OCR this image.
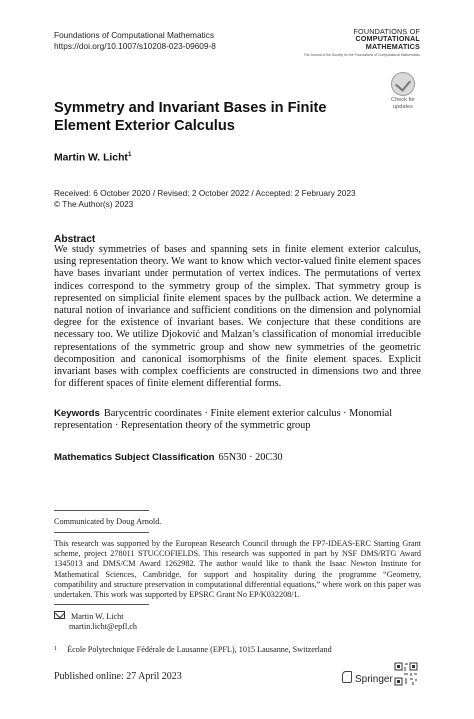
Foundations of Computational Mathematics
https://doi.org/10.1007/s10208-023-09609-8
FOUNDATIONS OF
COMPUTATIONAL
MATHEMATICS
The Journal of the Society for the Foundations of Computational Mathematics
Check for
updates
Symmetry and Invariant Bases in Finite Element Exterior Calculus
Martin W. Licht$^1$
Received: 6 October 2020 / Revised: 2 October 2022 / Accepted: 2 February 2023
© The Author(s) 2023
Abstract
We study symmetries of bases and spanning sets in finite element exterior calculus, using representation theory. We want to know which vector-valued finite element spaces have bases invariant under permutation of vertex indices. The permutations of vertex indices correspond to the symmetry group of the simplex. That symmetry group is represented on simplicial finite element spaces by the pullback action. We determine a natural notion of invariance and sufficient conditions on the dimension and polynomial degree for the existence of invariant bases. We conjecture that these conditions are necessary too. We utilize Djoković and Malzan’s classification of monomial irreducible representations of the symmetric group and show new symmetries of the geometric decomposition and canonical isomorphisms of the finite element spaces. Explicit invariant bases with complex coefficients are constructed in dimensions two and three for different spaces of finite element differential forms.
Keywords Barycentric coordinates · Finite element exterior calculus · Monomial representation · Representation theory of the symmetric group
Mathematics Subject Classification 65N30 · 20C30
Communicated by Doug Arnold.
This research was supported by the European Research Council through the FP7-IDEAS-ERC Starting Grant scheme, project 278011 STUCCOFIELDS. This research was supported in part by NSF DMS/RTG Award 1345013 and DMS/CM Award 1262982. The author would like to thank the Isaac Newton Institute for Mathematical Sciences, Cambridge, for support and hospitality during the programme “Geometry, compatibility and structure preservation in computational differential equations,” where work on this paper was undertaken. This work was supported by EPSRC Grant No EP/K032208/1.
Martin W. Licht
martin.licht@epfl.ch
$^1$ École Polytechnique Fédérale de Lausanne (EPFL), 1015 Lausanne, Switzerland
Published online: 27 April 2023	Springer
